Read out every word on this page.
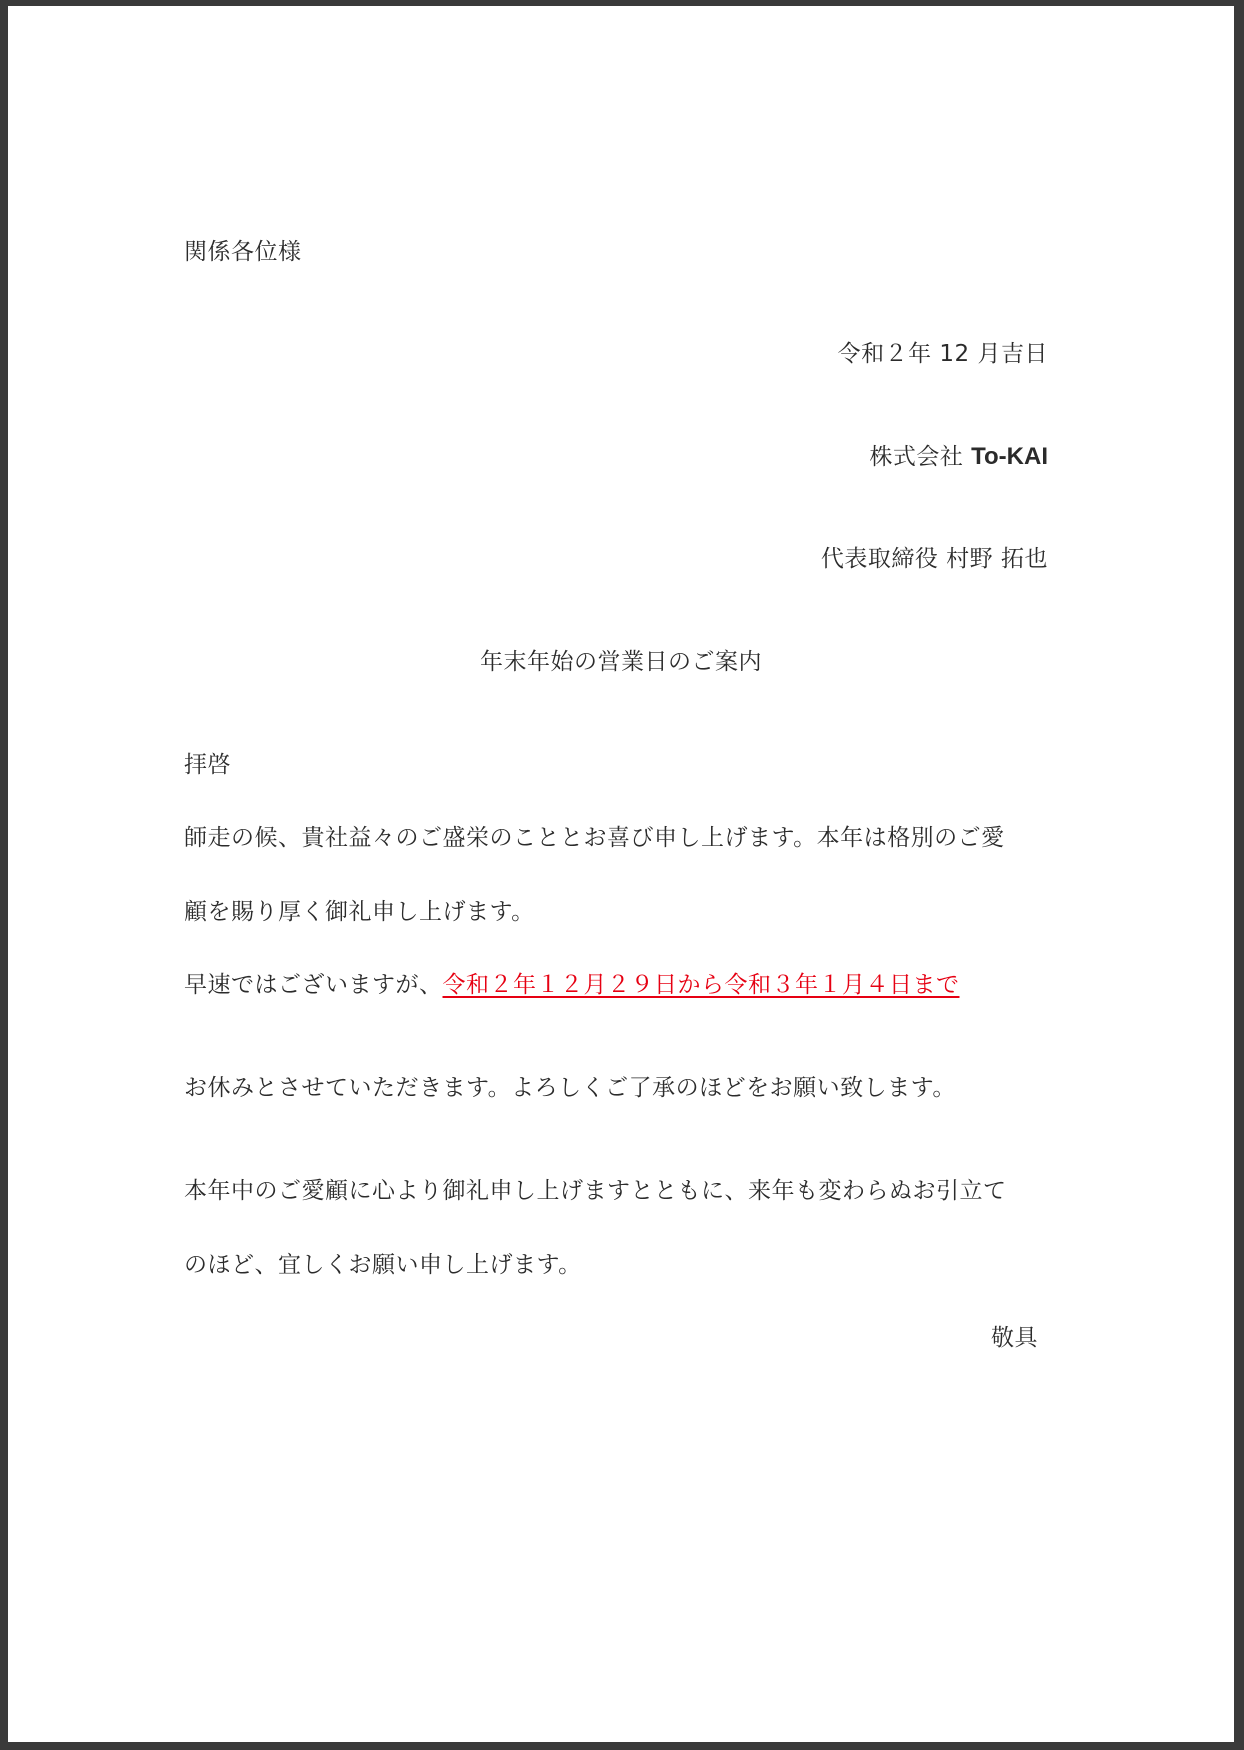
関係各位様
令和２年 12 月吉日
株式会社 To-KAI
代表取締役 村野 拓也
年末年始の営業日のご案内
拝啓
師走の候、貴社益々のご盛栄のこととお喜び申し上げます。本年は格別のご愛
顧を賜り厚く御礼申し上げます。
早速ではございますが、令和２年１２月２９日から令和３年１月４日まで
お休みとさせていただきます。よろしくご了承のほどをお願い致します。
本年中のご愛顧に心より御礼申し上げますとともに、来年も変わらぬお引立て
のほど、宜しくお願い申し上げます。
敬具
